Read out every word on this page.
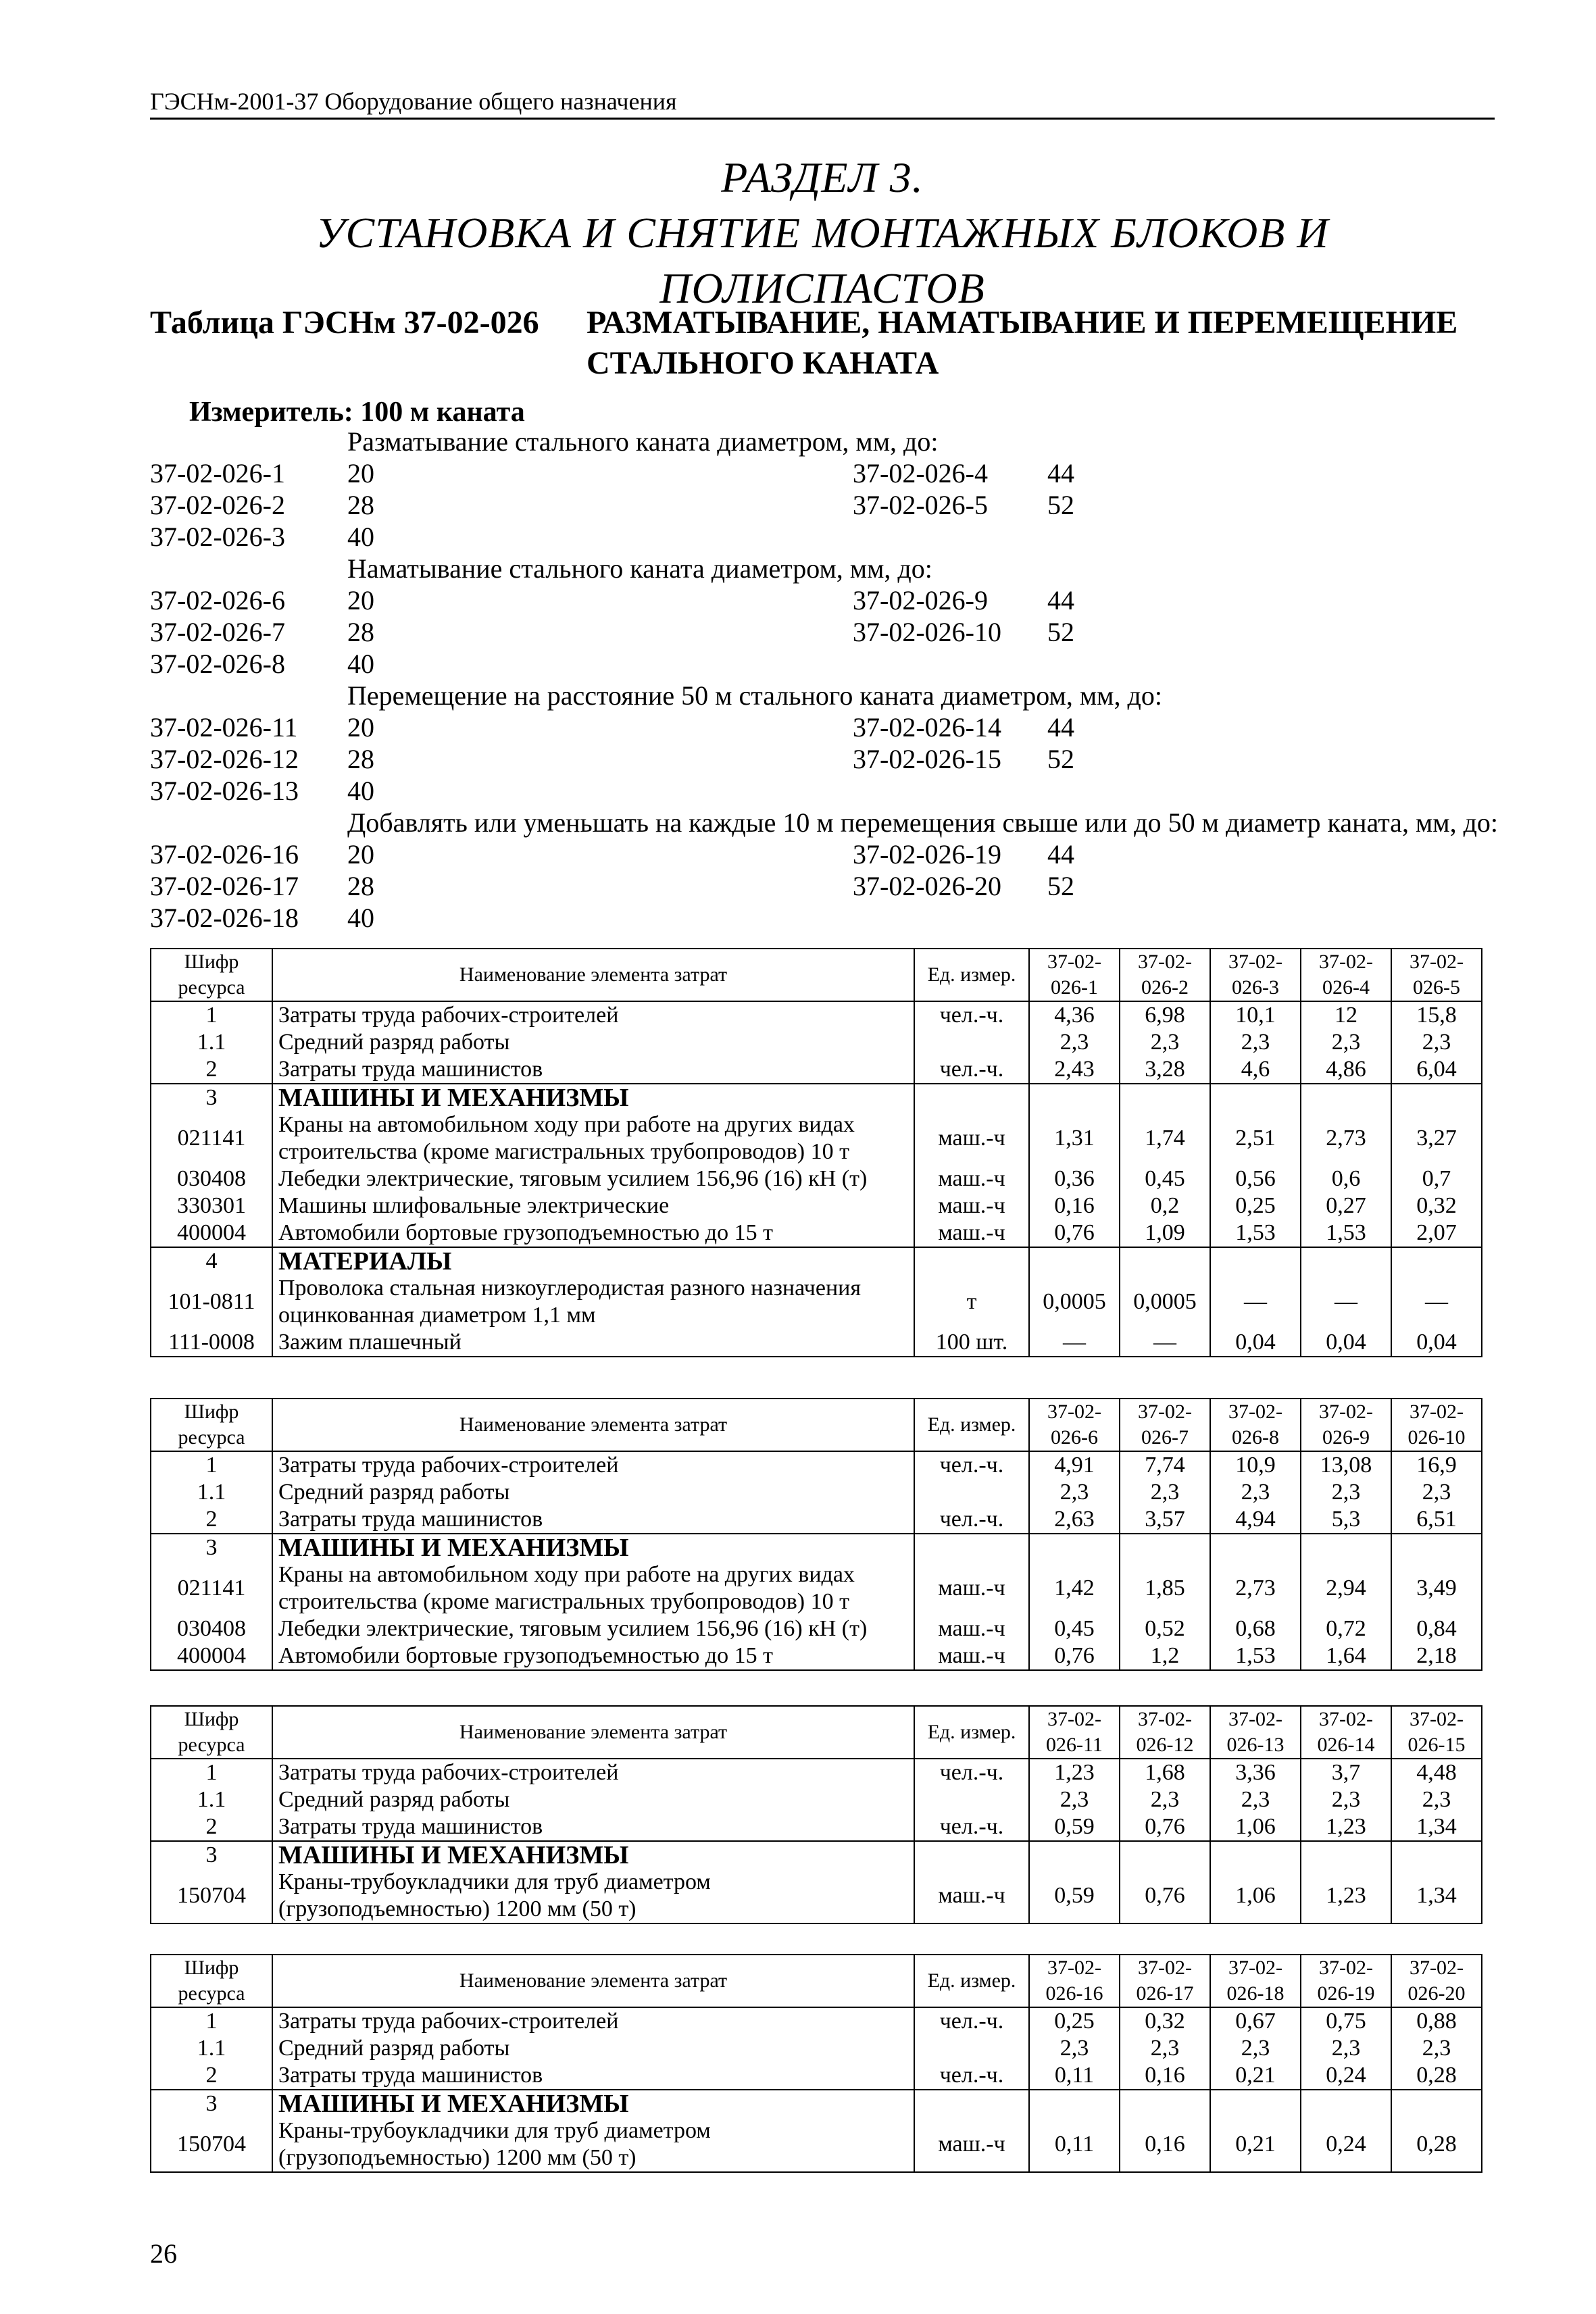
ГЭСНм-2001-37 Оборудование общего назначения
РАЗДЕЛ 3.
УСТАНОВКА И СНЯТИЕ МОНТАЖНЫХ БЛОКОВ И
ПОЛИСПАСТОВ
Таблица ГЭСНм 37-02-026 РАЗМАТЫВАНИЕ, НАМАТЫВАНИЕ И ПЕРЕМЕЩЕНИЕ
СТАЛЬНОГО КАНАТА
Измеритель: 100 м каната
Разматывание стального каната диаметром, мм, до:
37-02-026-1 20	37-02-026-4 44
37-02-026-2 28	37-02-026-5 52
37-02-026-3 40
Наматывание стального каната диаметром, мм, до:
37-02-026-6 20	37-02-026-9 44
37-02-026-7 28	37-02-026-10 52
37-02-026-8 40
Перемещение на расстояние 50 м стального каната диаметром, мм, до:
37-02-026-11 20	37-02-026-14 44
37-02-026-12 28	37-02-026-15 52
37-02-026-13 40
Добавлять или уменьшать на каждые 10 м перемещения свыше или до 50 м диаметр каната, мм, до:
37-02-026-16 20	37-02-026-19 44
37-02-026-17 28	37-02-026-20 52
37-02-026-18 40
Шифр ресурса	Наименование элемента затрат	Ед. измер.	37-02- 026-1	37-02- 026-2	37-02- 026-3	37-02- 026-4	37-02- 026-5
1	Затраты труда рабочих-строителей	чел.-ч.	4,36	6,98	10,1	12	15,8
1.1	Средний разряд работы		2,3	2,3	2,3	2,3	2,3
2	Затраты труда машинистов	чел.-ч.	2,43	3,28	4,6	4,86	6,04
3	МАШИНЫ И МЕХАНИЗМЫ						
021141	Краны на автомобильном ходу при работе на других видах строительства (кроме магистральных трубопроводов) 10 т	маш.-ч	1,31	1,74	2,51	2,73	3,27
030408	Лебедки электрические, тяговым усилием 156,96 (16) кН (т)	маш.-ч	0,36	0,45	0,56	0,6	0,7
330301	Машины шлифовальные электрические	маш.-ч	0,16	0,2	0,25	0,27	0,32
400004	Автомобили бортовые грузоподъемностью до 15 т	маш.-ч	0,76	1,09	1,53	1,53	2,07
4	МАТЕРИАЛЫ						
101-0811	Проволока стальная низкоуглеродистая разного назначения оцинкованная диаметром 1,1 мм	т	0,0005	0,0005	—	—	—
111-0008	Зажим плашечный	100 шт.	—	—	0,04	0,04	0,04
Шифр ресурса	Наименование элемента затрат	Ед. измер.	37-02- 026-6	37-02- 026-7	37-02- 026-8	37-02- 026-9	37-02- 026-10
1	Затраты труда рабочих-строителей	чел.-ч.	4,91	7,74	10,9	13,08	16,9
1.1	Средний разряд работы		2,3	2,3	2,3	2,3	2,3
2	Затраты труда машинистов	чел.-ч.	2,63	3,57	4,94	5,3	6,51
3	МАШИНЫ И МЕХАНИЗМЫ						
021141	Краны на автомобильном ходу при работе на других видах строительства (кроме магистральных трубопроводов) 10 т	маш.-ч	1,42	1,85	2,73	2,94	3,49
030408	Лебедки электрические, тяговым усилием 156,96 (16) кН (т)	маш.-ч	0,45	0,52	0,68	0,72	0,84
400004	Автомобили бортовые грузоподъемностью до 15 т	маш.-ч	0,76	1,2	1,53	1,64	2,18
Шифр ресурса	Наименование элемента затрат	Ед. измер.	37-02- 026-11	37-02- 026-12	37-02- 026-13	37-02- 026-14	37-02- 026-15
1	Затраты труда рабочих-строителей	чел.-ч.	1,23	1,68	3,36	3,7	4,48
1.1	Средний разряд работы		2,3	2,3	2,3	2,3	2,3
2	Затраты труда машинистов	чел.-ч.	0,59	0,76	1,06	1,23	1,34
3	МАШИНЫ И МЕХАНИЗМЫ						
150704	Краны-трубоукладчики для труб диаметром (грузоподъемностью) 1200 мм (50 т)	маш.-ч	0,59	0,76	1,06	1,23	1,34
Шифр ресурса	Наименование элемента затрат	Ед. измер.	37-02- 026-16	37-02- 026-17	37-02- 026-18	37-02- 026-19	37-02- 026-20
1	Затраты труда рабочих-строителей	чел.-ч.	0,25	0,32	0,67	0,75	0,88
1.1	Средний разряд работы		2,3	2,3	2,3	2,3	2,3
2	Затраты труда машинистов	чел.-ч.	0,11	0,16	0,21	0,24	0,28
3	МАШИНЫ И МЕХАНИЗМЫ						
150704	Краны-трубоукладчики для труб диаметром (грузоподъемностью) 1200 мм (50 т)	маш.-ч	0,11	0,16	0,21	0,24	0,28
26
